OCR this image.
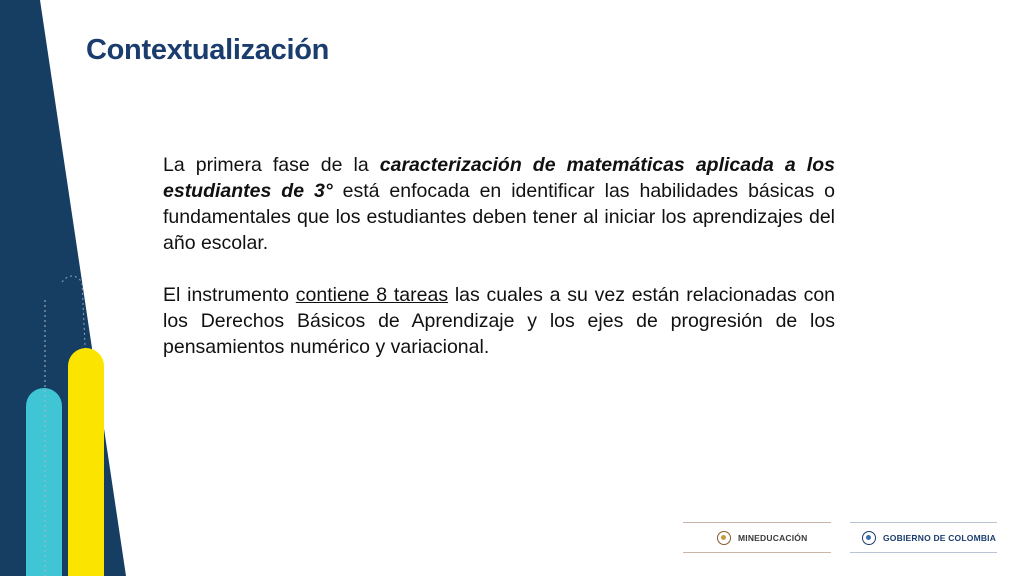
Contextualización

La primera fase de la caracterización de matemáticas aplicada a los estudiantes de 3° está enfocada en identificar las habilidades básicas o fundamentales que los estudiantes deben tener al iniciar los aprendizajes del año escolar.

El instrumento contiene 8 tareas las cuales a su vez están relacionadas con los Derechos Básicos de Aprendizaje y los ejes de progresión de los pensamientos numérico y variacional.

MINEDUCACIÓN	GOBIERNO DE COLOMBIA
